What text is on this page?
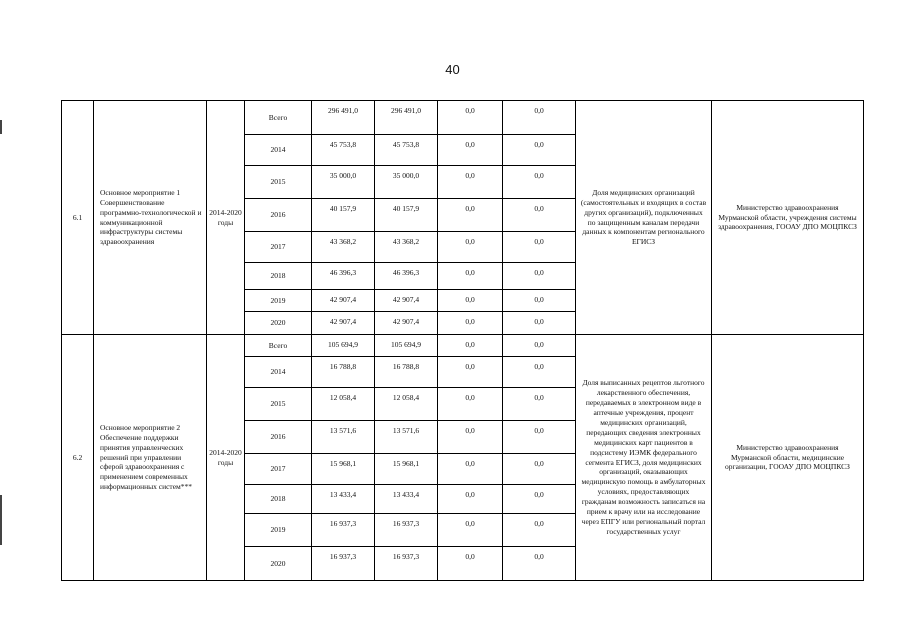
40
6.1	Основное мероприятие 1 Совершенствование программно-технологической и коммуникационной инфраструктуры системы здравоохранения	2014-2020 годы	Всего	296 491,0	296 491,0	0,0	0,0	Доля медицинских организаций (самостоятельных и входящих в состав других организаций), подключенных по защищенным каналам передачи данных к компонентам регионального ЕГИСЗ	Министерство здравоохранения Мурманской области, учреждения системы здравоохранения, ГООАУ ДПО МОЦПКСЗ
			2014	45 753,8	45 753,8	0,0	0,0		
			2015	35 000,0	35 000,0	0,0	0,0		
			2016	40 157,9	40 157,9	0,0	0,0		
			2017	43 368,2	43 368,2	0,0	0,0		
			2018	46 396,3	46 396,3	0,0	0,0		
			2019	42 907,4	42 907,4	0,0	0,0		
			2020	42 907,4	42 907,4	0,0	0,0		
6.2	Основное мероприятие 2 Обеспечение поддержки принятия управленческих решений при управлении сферой здравоохранения с применением современных информационных систем***	2014-2020 годы	Всего	105 694,9	105 694,9	0,0	0,0	Доля выписанных рецептов льготного лекарственного обеспечения, передаваемых в электронном виде в аптечные учреждения, процент медицинских организаций, передающих сведения электронных медицинских карт пациентов в подсистему ИЭМК федерального сегмента ЕГИСЗ, доля медицинских организаций, оказывающих медицинскую помощь в амбулаторных условиях, предоставляющих гражданам возможность записаться на прием к врачу или на исследование через ЕПГУ или региональный портал государственных услуг	Министерство здравоохранения Мурманской области, медицинские организации, ГООАУ ДПО МОЦПКСЗ
			2014	16 788,8	16 788,8	0,0	0,0		
			2015	12 058,4	12 058,4	0,0	0,0		
			2016	13 571,6	13 571,6	0,0	0,0		
			2017	15 968,1	15 968,1	0,0	0,0		
			2018	13 433,4	13 433,4	0,0	0,0		
			2019	16 937,3	16 937,3	0,0	0,0		
			2020	16 937,3	16 937,3	0,0	0,0		
